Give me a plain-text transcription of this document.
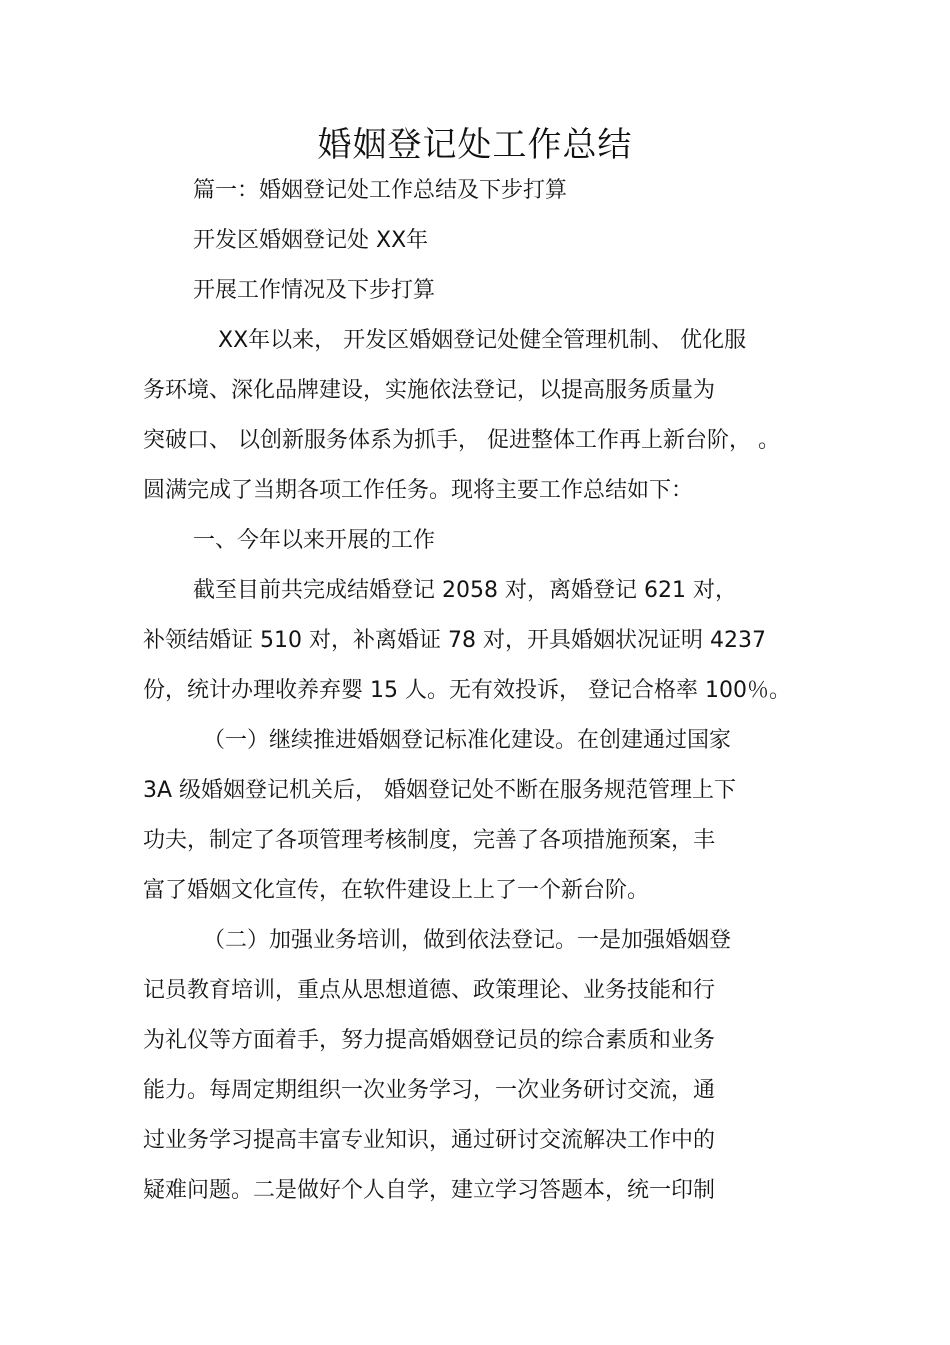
婚姻登记处工作总结
篇一：婚姻登记处工作总结及下步打算
开发区婚姻登记处 XX年
开展工作情况及下步打算
XX年以来， 开发区婚姻登记处健全管理机制、 优化服
务环境、深化品牌建设，实施依法登记，以提高服务质量为
突破口、 以创新服务体系为抓手， 促进整体工作再上新台阶， 。
圆满完成了当期各项工作任务。现将主要工作总结如下：
一、今年以来开展的工作
截至目前共完成结婚登记 2058 对，离婚登记 621 对，
补领结婚证 510 对，补离婚证 78 对，开具婚姻状况证明 4237
份，统计办理收养弃婴 15 人。无有效投诉， 登记合格率 100％。
（一）继续推进婚姻登记标准化建设。在创建通过国家
3A 级婚姻登记机关后， 婚姻登记处不断在服务规范管理上下
功夫，制定了各项管理考核制度，完善了各项措施预案，丰
富了婚姻文化宣传，在软件建设上上了一个新台阶。
（二）加强业务培训，做到依法登记。一是加强婚姻登
记员教育培训，重点从思想道德、政策理论、业务技能和行
为礼仪等方面着手，努力提高婚姻登记员的综合素质和业务
能力。每周定期组织一次业务学习，一次业务研讨交流，通
过业务学习提高丰富专业知识，通过研讨交流解决工作中的
疑难问题。二是做好个人自学，建立学习答题本，统一印制
